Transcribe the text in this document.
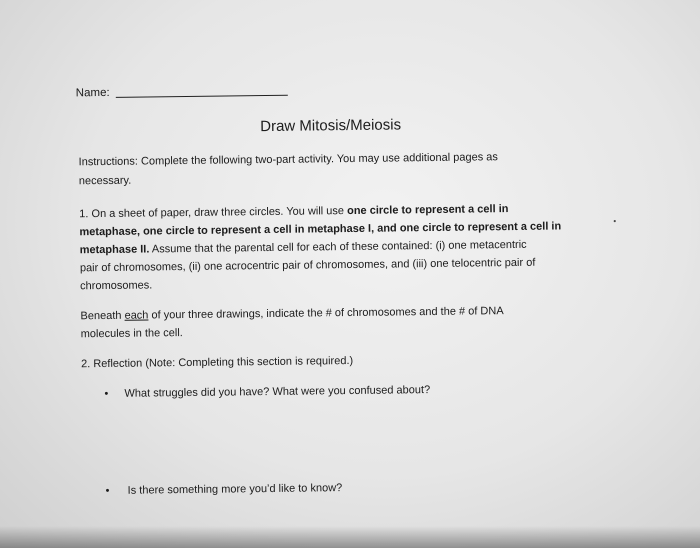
Name:
Draw Mitosis/Meiosis
Instructions: Complete the following two-part activity. You may use additional pages as
necessary.
1. On a sheet of paper, draw three circles. You will use one circle to represent a cell in
metaphase, one circle to represent a cell in metaphase I, and one circle to represent a cell in	•
metaphase II. Assume that the parental cell for each of these contained: (i) one metacentric
pair of chromosomes, (ii) one acrocentric pair of chromosomes, and (iii) one telocentric pair of
chromosomes.
Beneath each of your three drawings, indicate the # of chromosomes and the # of DNA
molecules in the cell.
2. Reflection (Note: Completing this section is required.)
• What struggles did you have? What were you confused about?
• Is there something more you’d like to know?
